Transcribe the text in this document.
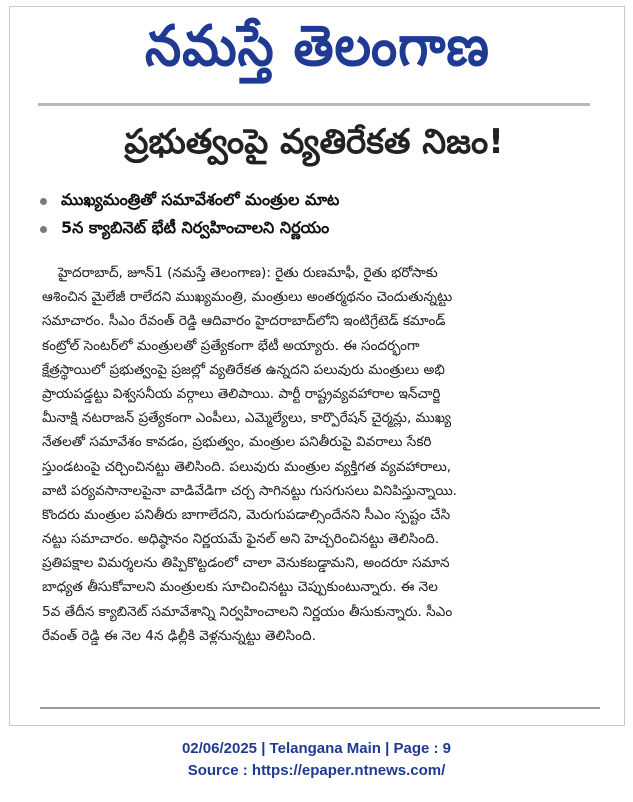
నమస్తే తెలంగాణ
ప్రభుత్వంపై వ్యతిరేకత నిజం!
ముఖ్యమంత్రితో సమావేశంలో మంత్రుల మాట
5న క్యాబినెట్ భేటీ నిర్వహించాలని నిర్ణయం
హైదరాబాద్, జూన్1 (నమస్తే తెలంగాణ): రైతు రుణమాఫీ, రైతు భరోసాకు
ఆశించిన మైలేజీ రాలేదని ముఖ్యమంత్రి, మంత్రులు అంతర్మథనం చెందుతున్నట్టు
సమాచారం. సీఎం రేవంత్ రెడ్డి ఆదివారం హైదరాబాద్‌లోని ఇంటిగ్రేటెడ్ కమాండ్
కంట్రోల్ సెంటర్‌లో మంత్రులతో ప్రత్యేకంగా భేటీ అయ్యారు. ఈ సందర్భంగా
క్షేత్రస్థాయిలో ప్రభుత్వంపై ప్రజల్లో వ్యతిరేకత ఉన్నదని పలువురు మంత్రులు అభి
ప్రాయపడ్డట్టు విశ్వసనీయ వర్గాలు తెలిపాయి. పార్టీ రాష్ట్రవ్యవహారాల ఇన్‌చార్జి
మీనాక్షి నటరాజన్ ప్రత్యేకంగా ఎంపీలు, ఎమ్మెల్యేలు, కార్పొరేషన్ చైర్మన్లు, ముఖ్య
నేతలతో సమావేశం కావడం, ప్రభుత్వం, మంత్రుల పనితీరుపై వివరాలు సేకరి
స్తుండటంపై చర్చించినట్టు తెలిసింది. పలువురు మంత్రుల వ్యక్తిగత వ్యవహారాలు,
వాటి పర్యవసానాలపైనా వాడివేడిగా చర్చ సాగినట్టు గుసగుసలు వినిపిస్తున్నాయి.
కొందరు మంత్రుల పనితీరు బాగాలేదని, మెరుగుపడాల్సిందేనని సీఎం స్పష్టం చేసి
నట్టు సమాచారం. అధిష్ఠానం నిర్ణయమే ఫైనల్ అని హెచ్చరించినట్టు తెలిసింది.
ప్రతిపక్షాల విమర్శలను తిప్పికొట్టడంలో చాలా వెనుకబడ్డామని, అందరూ సమాన
బాధ్యత తీసుకోవాలని మంత్రులకు సూచించినట్టు చెప్పుకుంటున్నారు. ఈ నెల
5వ తేదీన క్యాబినెట్ సమావేశాన్ని నిర్వహించాలని నిర్ణయం తీసుకున్నారు. సీఎం
రేవంత్ రెడ్డి ఈ నెల 4న ఢిల్లీకి వెళ్లనున్నట్టు తెలిసింది.
02/06/2025 | Telangana Main | Page : 9
Source : https://epaper.ntnews.com/
